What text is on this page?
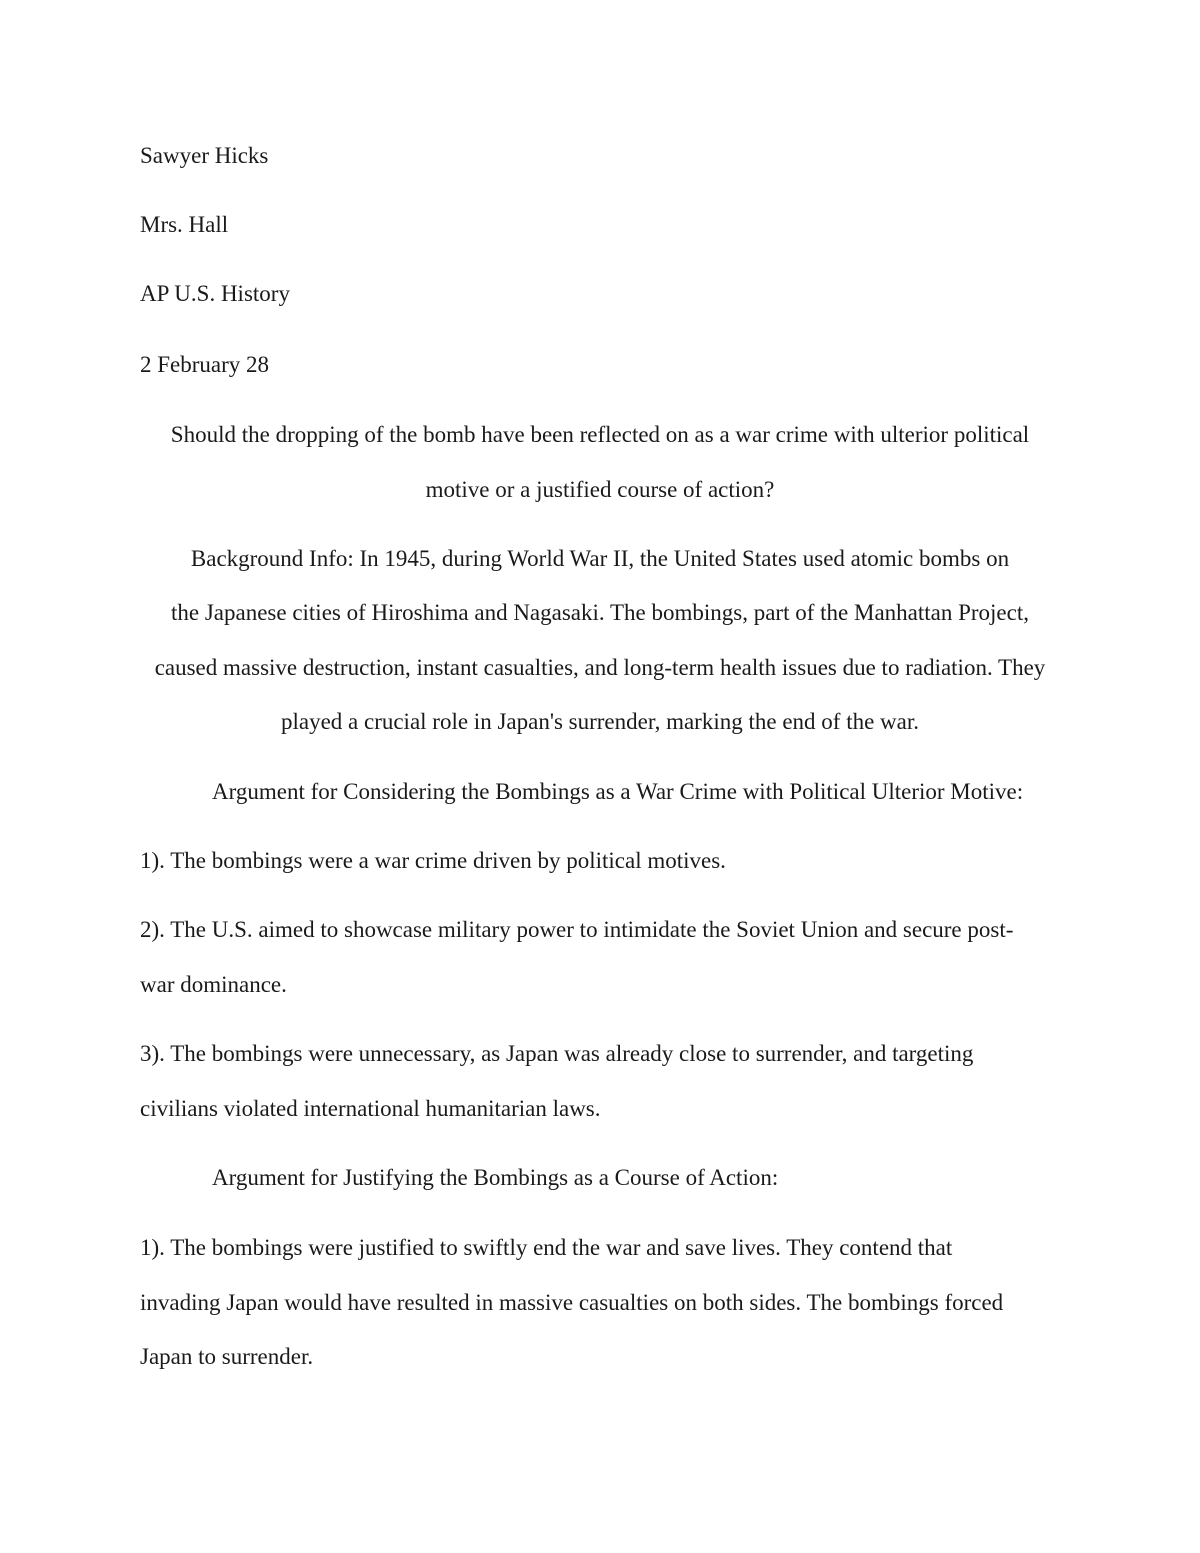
Sawyer Hicks

Mrs. Hall

AP U.S. History

2 February 28

Should the dropping of the bomb have been reflected on as a war crime with ulterior political

motive or a justified course of action?

Background Info: In 1945, during World War II, the United States used atomic bombs on

the Japanese cities of Hiroshima and Nagasaki. The bombings, part of the Manhattan Project,

caused massive destruction, instant casualties, and long-term health issues due to radiation. They

played a crucial role in Japan's surrender, marking the end of the war.

Argument for Considering the Bombings as a War Crime with Political Ulterior Motive:

1). The bombings were a war crime driven by political motives.

2). The U.S. aimed to showcase military power to intimidate the Soviet Union and secure post-

war dominance.

3). The bombings were unnecessary, as Japan was already close to surrender, and targeting

civilians violated international humanitarian laws.

Argument for Justifying the Bombings as a Course of Action:

1). The bombings were justified to swiftly end the war and save lives. They contend that

invading Japan would have resulted in massive casualties on both sides. The bombings forced

Japan to surrender.
